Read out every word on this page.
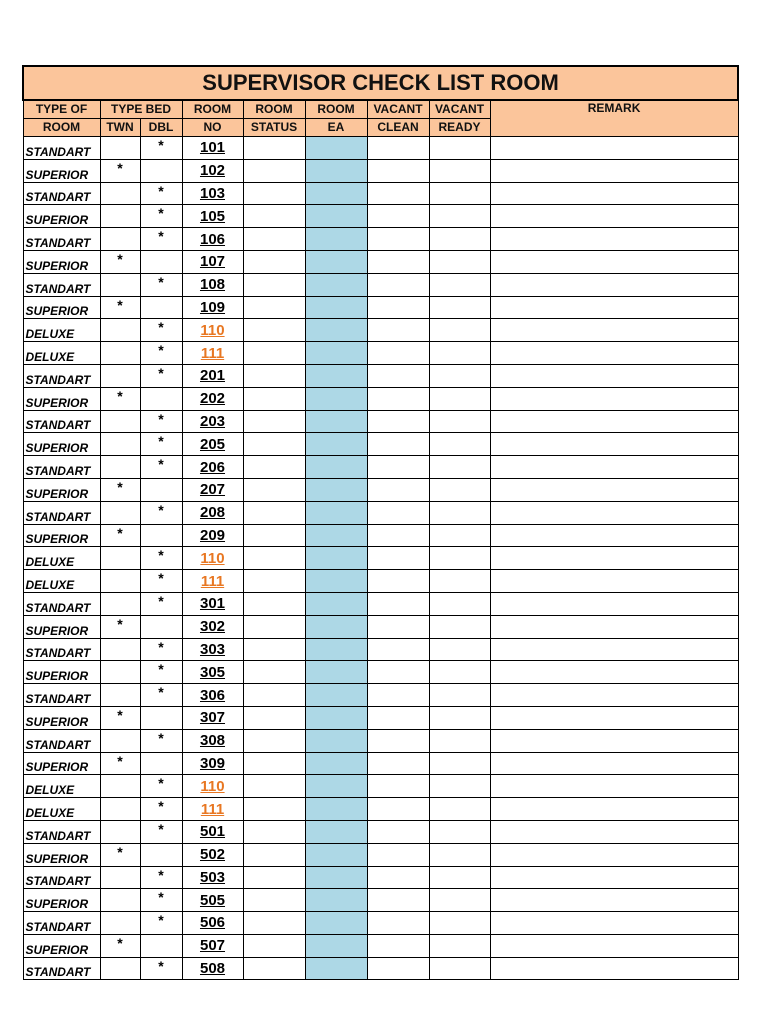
SUPERVISOR CHECK LIST ROOM								
TYPE OF	TYPE BED		ROOM	ROOM	ROOM	VACANT	VACANT	REMARK
ROOM	TWN	DBL	NO	STATUS	EA	CLEAN	READY	
STANDART		*	101					
SUPERIOR	*		102					
STANDART		*	103					
SUPERIOR		*	105					
STANDART		*	106					
SUPERIOR	*		107					
STANDART		*	108					
SUPERIOR	*		109					
DELUXE		*	110					
DELUXE		*	111					
STANDART		*	201					
SUPERIOR	*		202					
STANDART		*	203					
SUPERIOR		*	205					
STANDART		*	206					
SUPERIOR	*		207					
STANDART		*	208					
SUPERIOR	*		209					
DELUXE		*	110					
DELUXE		*	111					
STANDART		*	301					
SUPERIOR	*		302					
STANDART		*	303					
SUPERIOR		*	305					
STANDART		*	306					
SUPERIOR	*		307					
STANDART		*	308					
SUPERIOR	*		309					
DELUXE		*	110					
DELUXE		*	111					
STANDART		*	501					
SUPERIOR	*		502					
STANDART		*	503					
SUPERIOR		*	505					
STANDART		*	506					
SUPERIOR	*		507					
STANDART		*	508					
